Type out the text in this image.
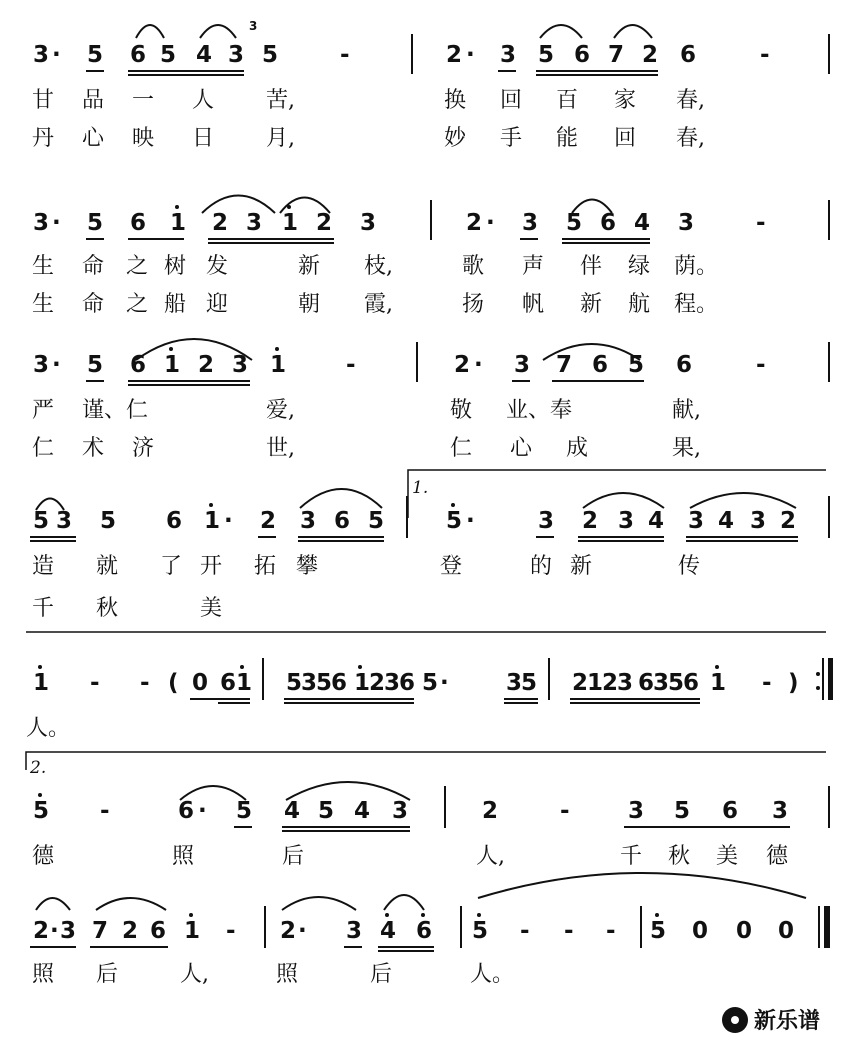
3 · 5 6 5 4 3
3
5	-	2 · 3 5 6 7 2 6	-
甘 品 一 人 苦,	换 回 百 家 春,
丹 心 映 日 月,	妙 手 能 回 春,
3 · 5 6 1 2 3 1 2 3	2 · 3 5 6 4 3	-
生 命 之 树 发	新 枝,	歌 声 伴 绿 荫。
生 命 之 船 迎	朝 霞,	扬 帆 新 航 程。
3 · 5 6 1 2 3 1	-	2 · 3 7 6 5 6	-
严 谨、仁	爱,	敬 业、奉	献,
仁 术 济	世,	仁 心 成	果,
1.
5 3 5 6 1 · 2 3 6 5	5 ·	3 2 3 4 3 4 3 2
造 就 了 开 拓 攀	登	的 新	传
千 秋	美
1 - - ( 0 6 1 5356 1236 5 · 35 2123 6356 1 - )
人。
2.
5 -	6 · 5 4 5 4 3	2	-	3 5 6 3
德	照	后	人,	千 秋 美 德
2 · 3 7 2 6 1 - 2 · 3 4 6 5 - - - 5 0 0 0
照 后	人,	照	后	人。
新乐谱
